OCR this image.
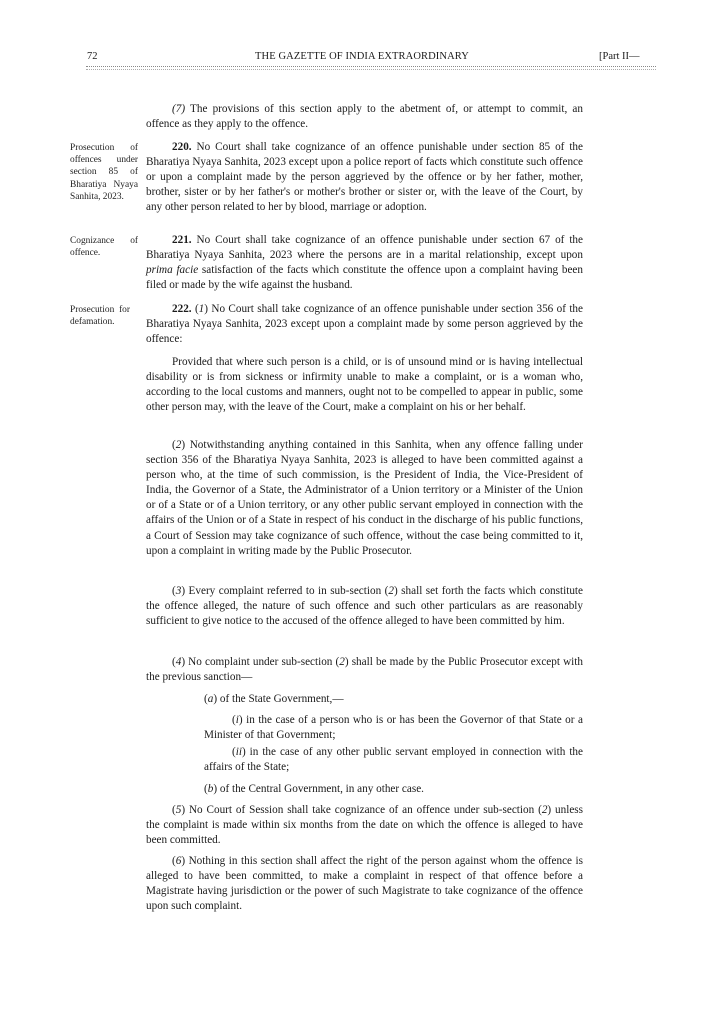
72	THE GAZETTE OF INDIA EXTRAORDINARY	[Part II—
Prosecution of offences under section 85 of Bharatiya Nyaya Sanhita, 2023.
Cognizance of offence.
Prosecution for defamation.

(7) The provisions of this section apply to the abetment of, or attempt to commit, an offence as they apply to the offence.

220. No Court shall take cognizance of an offence punishable under section 85 of the Bharatiya Nyaya Sanhita, 2023 except upon a police report of facts which constitute such offence or upon a complaint made by the person aggrieved by the offence or by her father, mother, brother, sister or by her father's or mother's brother or sister or, with the leave of the Court, by any other person related to her by blood, marriage or adoption.

221. No Court shall take cognizance of an offence punishable under section 67 of the Bharatiya Nyaya Sanhita, 2023 where the persons are in a marital relationship, except upon prima facie satisfaction of the facts which constitute the offence upon a complaint having been filed or made by the wife against the husband.

222. (1) No Court shall take cognizance of an offence punishable under section 356 of the Bharatiya Nyaya Sanhita, 2023 except upon a complaint made by some person aggrieved by the offence:

Provided that where such person is a child, or is of unsound mind or is having intellectual disability or is from sickness or infirmity unable to make a complaint, or is a woman who, according to the local customs and manners, ought not to be compelled to appear in public, some other person may, with the leave of the Court, make a complaint on his or her behalf.

(2) Notwithstanding anything contained in this Sanhita, when any offence falling under section 356 of the Bharatiya Nyaya Sanhita, 2023 is alleged to have been committed against a person who, at the time of such commission, is the President of India, the Vice-President of India, the Governor of a State, the Administrator of a Union territory or a Minister of the Union or of a State or of a Union territory, or any other public servant employed in connection with the affairs of the Union or of a State in respect of his conduct in the discharge of his public functions, a Court of Session may take cognizance of such offence, without the case being committed to it, upon a complaint in writing made by the Public Prosecutor.

(3) Every complaint referred to in sub-section (2) shall set forth the facts which constitute the offence alleged, the nature of such offence and such other particulars as are reasonably sufficient to give notice to the accused of the offence alleged to have been committed by him.

(4) No complaint under sub-section (2) shall be made by the Public Prosecutor except with the previous sanction—

(a) of the State Government,—

(i) in the case of a person who is or has been the Governor of that State or a Minister of that Government;

(ii) in the case of any other public servant employed in connection with the affairs of the State;

(b) of the Central Government, in any other case.

(5) No Court of Session shall take cognizance of an offence under sub-section (2) unless the complaint is made within six months from the date on which the offence is alleged to have been committed.

(6) Nothing in this section shall affect the right of the person against whom the offence is alleged to have been committed, to make a complaint in respect of that offence before a Magistrate having jurisdiction or the power of such Magistrate to take cognizance of the offence upon such complaint.
